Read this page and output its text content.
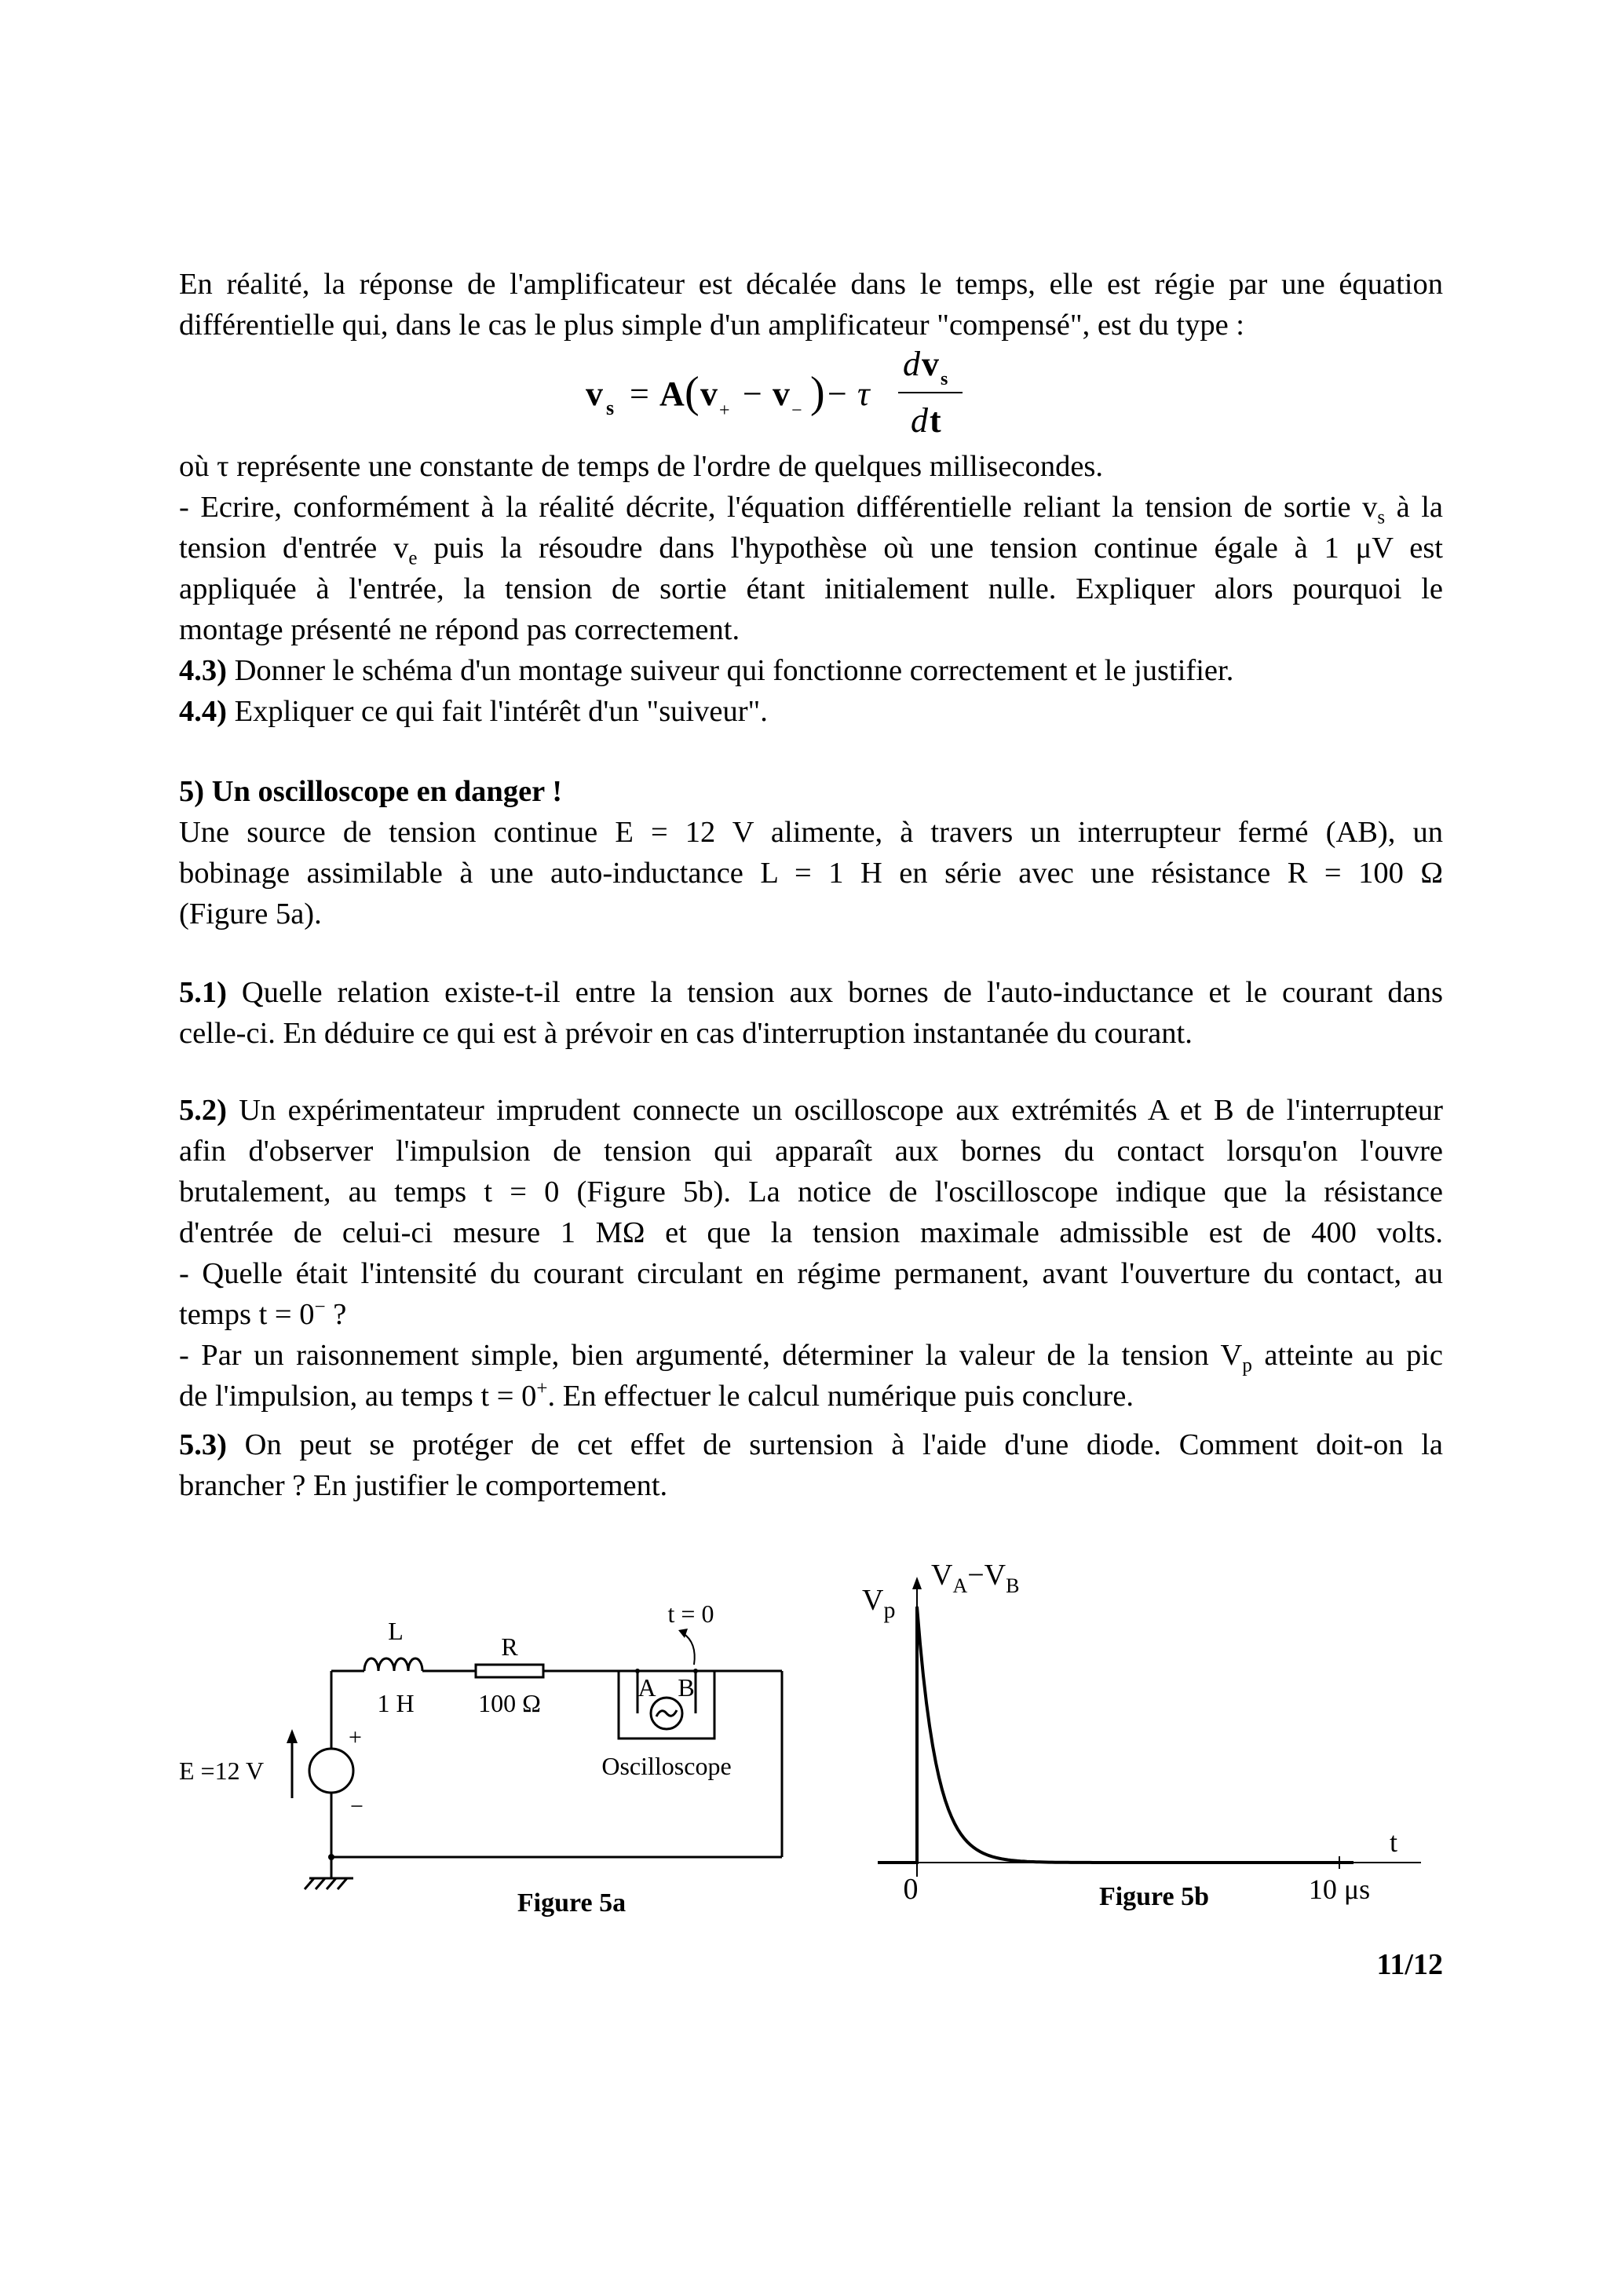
En réalité, la réponse de l'amplificateur est décalée dans le temps, elle est régie par une équation
différentielle qui, dans le cas le plus simple d'un amplificateur "compensé", est du type :
v s = A ( v + − v − ) − τ
d v s
d t
où τ représente une constante de temps de l'ordre de quelques millisecondes.
- Ecrire, conformément à la réalité décrite, l'équation différentielle reliant la tension de sortie $v_s$ à la
tension d'entrée $v_e$ puis la résoudre dans l'hypothèse où une tension continue égale à 1 μV est
appliquée à l'entrée, la tension de sortie étant initialement nulle. Expliquer alors pourquoi le
montage présenté ne répond pas correctement.
4.3) Donner le schéma d'un montage suiveur qui fonctionne correctement et le justifier.
4.4) Expliquer ce qui fait l'intérêt d'un "suiveur".
5) Un oscilloscope en danger !
Une source de tension continue E = 12 V alimente, à travers un interrupteur fermé (AB), un
bobinage assimilable à une auto-inductance L = 1 H en série avec une résistance R = 100 Ω
(Figure 5a).
5.1) Quelle relation existe-t-il entre la tension aux bornes de l'auto-inductance et le courant dans
celle-ci. En déduire ce qui est à prévoir en cas d'interruption instantanée du courant.
5.2) Un expérimentateur imprudent connecte un oscilloscope aux extrémités A et B de l'interrupteur
afin d'observer l'impulsion de tension qui apparaît aux bornes du contact lorsqu'on l'ouvre
brutalement, au temps t = 0 (Figure 5b). La notice de l'oscilloscope indique que la résistance
d'entrée de celui-ci mesure 1 MΩ et que la tension maximale admissible est de 400 volts.
- Quelle était l'intensité du courant circulant en régime permanent, avant l'ouverture du contact, au
temps t = 0− ?
- Par un raisonnement simple, bien argumenté, déterminer la valeur de la tension $V_p$ atteinte au pic
de l'impulsion, au temps t = 0+. En effectuer le calcul numérique puis conclure.
5.3) On peut se protéger de cet effet de surtension à l'aide d'une diode. Comment doit-on la
brancher ? En justifier le comportement.
L
1 H
R
100 Ω
t = 0
A B
Oscilloscope
E =12 V
+
−
Figure 5a
$V_A-V_B$
$V_p$
t
0	10 μs
Figure 5b
11/12
